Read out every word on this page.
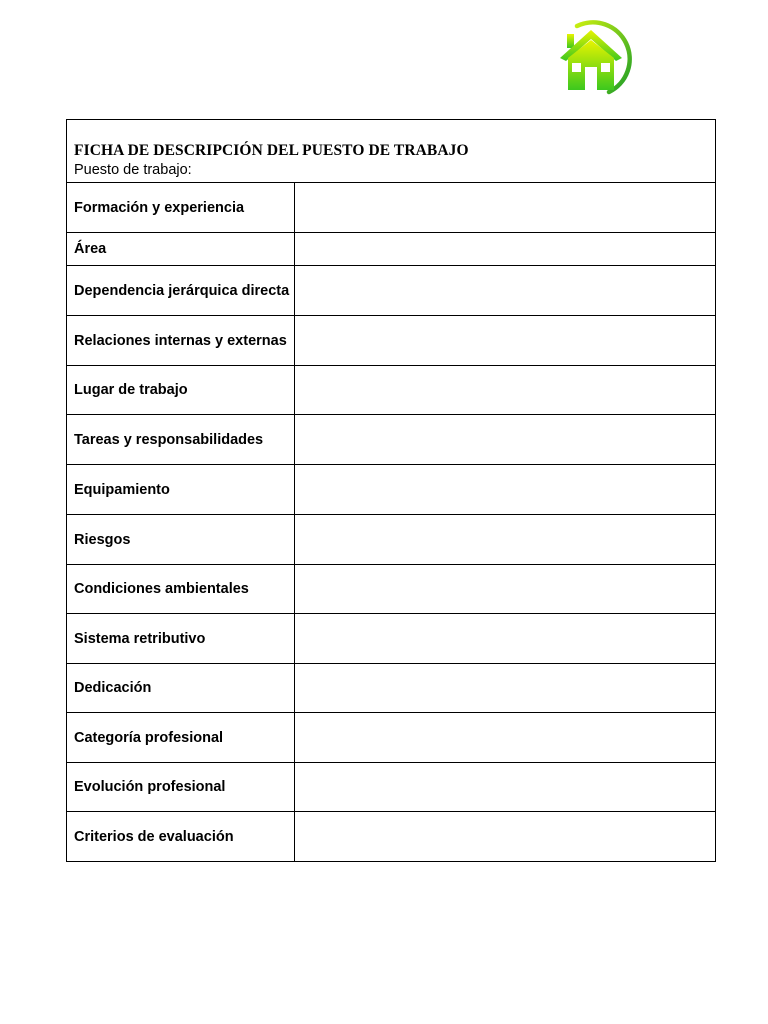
FICHA DE DESCRIPCIÓN DEL PUESTO DE TRABAJO
Puesto de trabajo:
Formación y experiencia
Área
Dependencia jerárquica directa
Relaciones internas y externas
Lugar de trabajo
Tareas y responsabilidades
Equipamiento
Riesgos
Condiciones ambientales
Sistema retributivo
Dedicación
Categoría profesional
Evolución profesional
Criterios de evaluación
